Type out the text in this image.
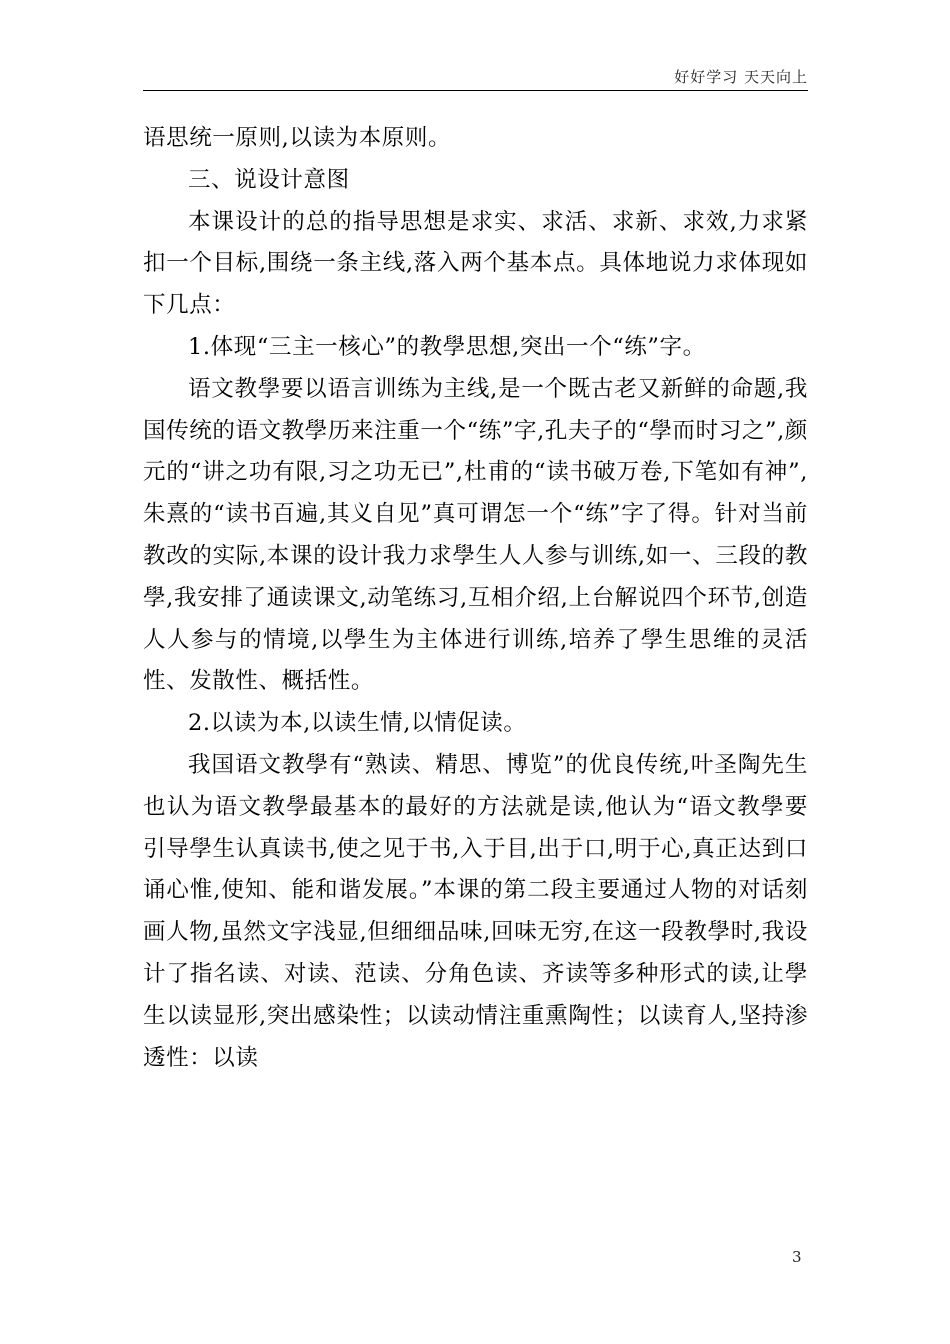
好好学习 天天向上

语思统一原则,以读为本原则。

三、说设计意图

本课设计的总的指导思想是求实、求活、求新、求效,力求紧扣一个目标,围绕一条主线,落入两个基本点。具体地说力求体现如下几点：

1.体现“三主一核心”的教學思想,突出一个“练”字。

语文教學要以语言训练为主线,是一个既古老又新鲜的命题,我国传统的语文教學历来注重一个“练”字,孔夫子的“學而时习之”,颜元的“讲之功有限,习之功无已”,杜甫的“读书破万卷,下笔如有神”,朱熹的“读书百遍,其义自见”真可谓怎一个“练”字了得。针对当前教改的实际,本课的设计我力求學生人人参与训练,如一、三段的教學,我安排了通读课文,动笔练习,互相介绍,上台解说四个环节,创造人人参与的情境,以學生为主体进行训练,培养了學生思维的灵活性、发散性、概括性。

2.以读为本,以读生情,以情促读。

我国语文教學有“熟读、精思、博览”的优良传统,叶圣陶先生也认为语文教學最基本的最好的方法就是读,他认为“语文教學要引导學生认真读书,使之见于书,入于目,出于口,明于心,真正达到口诵心惟,使知、能和谐发展。”本课的第二段主要通过人物的对话刻画人物,虽然文字浅显,但细细品味,回味无穷,在这一段教學时,我设计了指名读、对读、范读、分角色读、齐读等多种形式的读,让學生以读显形,突出感染性；以读动情注重熏陶性；以读育人,坚持渗透性：以读

3
